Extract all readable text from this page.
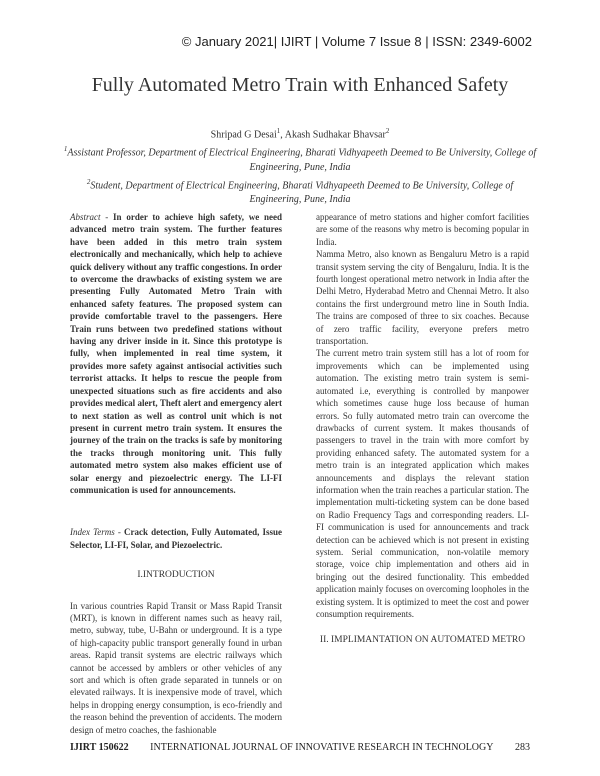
© January 2021| IJIRT | Volume 7 Issue 8 | ISSN: 2349-6002
Fully Automated Metro Train with Enhanced Safety
Shripad G Desai$^1$, Akash Sudhakar Bhavsar$^2$
$^1$Assistant Professor, Department of Electrical Engineering, Bharati Vidhyapeeth Deemed to Be University, College of Engineering, Pune, India
$^2$Student, Department of Electrical Engineering, Bharati Vidhyapeeth Deemed to Be University, College of Engineering, Pune, India

Abstract - In order to achieve high safety, we need advanced metro train system. The further features have been added in this metro train system electronically and mechanically, which help to achieve quick delivery without any traffic congestions. In order to overcome the drawbacks of existing system we are presenting Fully Automated Metro Train with enhanced safety features. The proposed system can provide comfortable travel to the passengers. Here Train runs between two predefined stations without having any driver inside in it. Since this prototype is fully, when implemented in real time system, it provides more safety against antisocial activities such terrorist attacks. It helps to rescue the people from unexpected situations such as fire accidents and also provides medical alert, Theft alert and emergency alert to next station as well as control unit which is not present in current metro train system. It ensures the journey of the train on the tracks is safe by monitoring the tracks through monitoring unit. This fully automated metro system also makes efficient use of solar energy and piezoelectric energy. The LI-FI communication is used for announcements.

Index Terms - Crack detection, Fully Automated, Issue Selector, LI-FI, Solar, and Piezoelectric.

I.INTRODUCTION

In various countries Rapid Transit or Mass Rapid Transit (MRT), is known in different names such as heavy rail, metro, subway, tube, U-Bahn or underground. It is a type of high-capacity public transport generally found in urban areas. Rapid transit systems are electric railways which cannot be accessed by amblers or other vehicles of any sort and which is often grade separated in tunnels or on elevated railways. It is inexpensive mode of travel, which helps in dropping energy consumption, is eco-friendly and the reason behind the prevention of accidents. The modern design of metro coaches, the fashionable

appearance of metro stations and higher comfort facilities are some of the reasons why metro is becoming popular in India.

Namma Metro, also known as Bengaluru Metro is a rapid transit system serving the city of Bengaluru, India. It is the fourth longest operational metro network in India after the Delhi Metro, Hyderabad Metro and Chennai Metro. It also contains the first underground metro line in South India. The trains are composed of three to six coaches. Because of zero traffic facility, everyone prefers metro transportation.

The current metro train system still has a lot of room for improvements which can be implemented using automation. The existing metro train system is semi-automated i.e, everything is controlled by manpower which sometimes cause huge loss because of human errors. So fully automated metro train can overcome the drawbacks of current system. It makes thousands of passengers to travel in the train with more comfort by providing enhanced safety. The automated system for a metro train is an integrated application which makes announcements and displays the relevant station information when the train reaches a particular station. The implementation multi-ticketing system can be done based on Radio Frequency Tags and corresponding readers. LI-FI communication is used for announcements and track detection can be achieved which is not present in existing system. Serial communication, non-volatile memory storage, voice chip implementation and others aid in bringing out the desired functionality. This embedded application mainly focuses on overcoming loopholes in the existing system. It is optimized to meet the cost and power consumption requirements.

II. IMPLIMANTATION ON AUTOMATED METRO

IJIRT 150622 INTERNATIONAL JOURNAL OF INNOVATIVE RESEARCH IN TECHNOLOGY 283
